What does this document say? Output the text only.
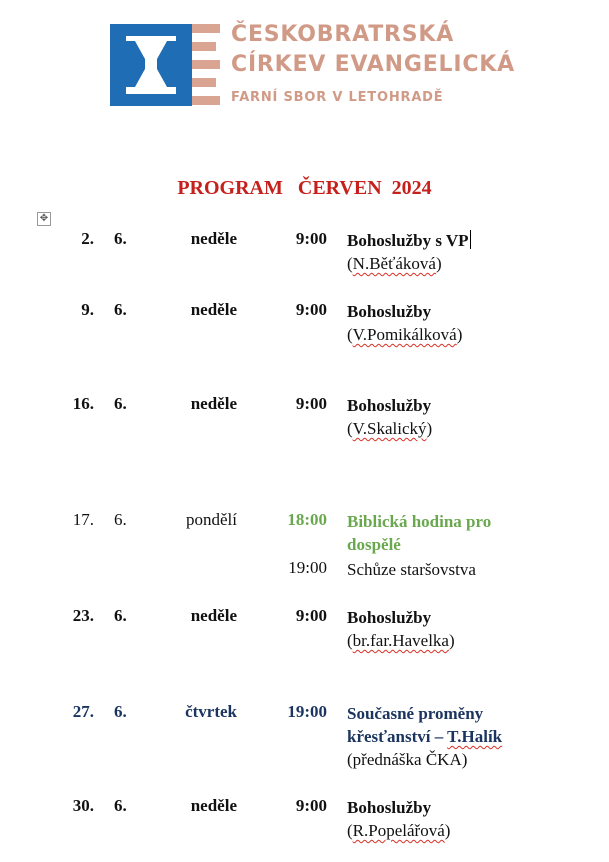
ČESKOBRATRSKÁ
CÍRKEV EVANGELICKÁ
FARNÍ SBOR V LETOHRADĚ
PROGRAM   ČERVEN  2024
✥
2. 6.	neděle	9:00 Bohoslužby s VP
(N.Běťáková)
9. 6.	neděle	9:00 Bohoslužby
(V.Pomikálková)
16. 6.	neděle	9:00 Bohoslužby
(V.Skalický)
17. 6.	pondělí	18:00 Biblická hodina pro
dospělé
19:00 Schůze staršovstva
23. 6.	neděle	9:00 Bohoslužby
(br.far.Havelka)
27. 6.	čtvrtek	19:00 Současné proměny
křesťanství – T.Halík
(přednáška ČKA)
30. 6.	neděle	9:00 Bohoslužby
(R.Popelářová)
